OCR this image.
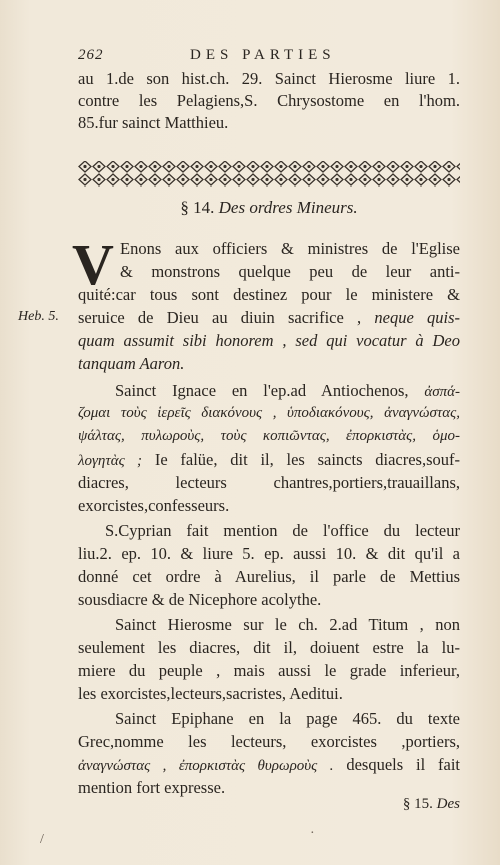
262	DES PARTIES
au 1.de son hist.ch. 29. Sainct Hierosme liure 1.
contre les Pelagiens,S. Chrysostome en l'hom.
85.fur sainct Matthieu.
§ 14. Des ordres Mineurs.
V Enons aux officiers & ministres de l'Eglise
& monstrons quelque peu de leur anti-
quité:car tous sont destinez pour le ministere &
Heb. 5. seruice de Dieu au diuin sacrifice , neque quis-
quam assumit sibi honorem , sed qui vocatur à Deo
tanquam Aaron.
Sainct Ignace en l'ep.ad Antiochenos, ἀσπά-
ζομαι τοὺς ἱερεῖς διακόνους , ὑποδιακόνους, ἀναγνώστας,
ψάλτας, πυλωροὺς, τοὺς κοπιῶντας, ἐπορκιστὰς, ὁμο-
λογητὰς ; Ie falüe, dit il, les saincts diacres,souf-
diacres, lecteurs chantres,portiers,trauaillans,
exorcistes,confesseurs.
S.Cyprian fait mention de l'office du lecteur
liu.2. ep. 10. & liure 5. ep. aussi 10. & dit qu'il a
donné cet ordre à Aurelius, il parle de Mettius
sousdiacre & de Nicephore acolythe.
Sainct Hierosme sur le ch. 2.ad Titum , non
seulement les diacres, dit il, doiuent estre la lu-
miere du peuple , mais aussi le grade inferieur,
les exorcistes,lecteurs,sacristes, Aeditui.
Sainct Epiphane en la page 465. du texte
Grec,nomme les lecteurs, exorcistes ,portiers,
ἀναγνώστας , ἐπορκιστὰς θυρωροὺς . desquels il fait
mention fort expresse.
§ 15. Des
/	·
